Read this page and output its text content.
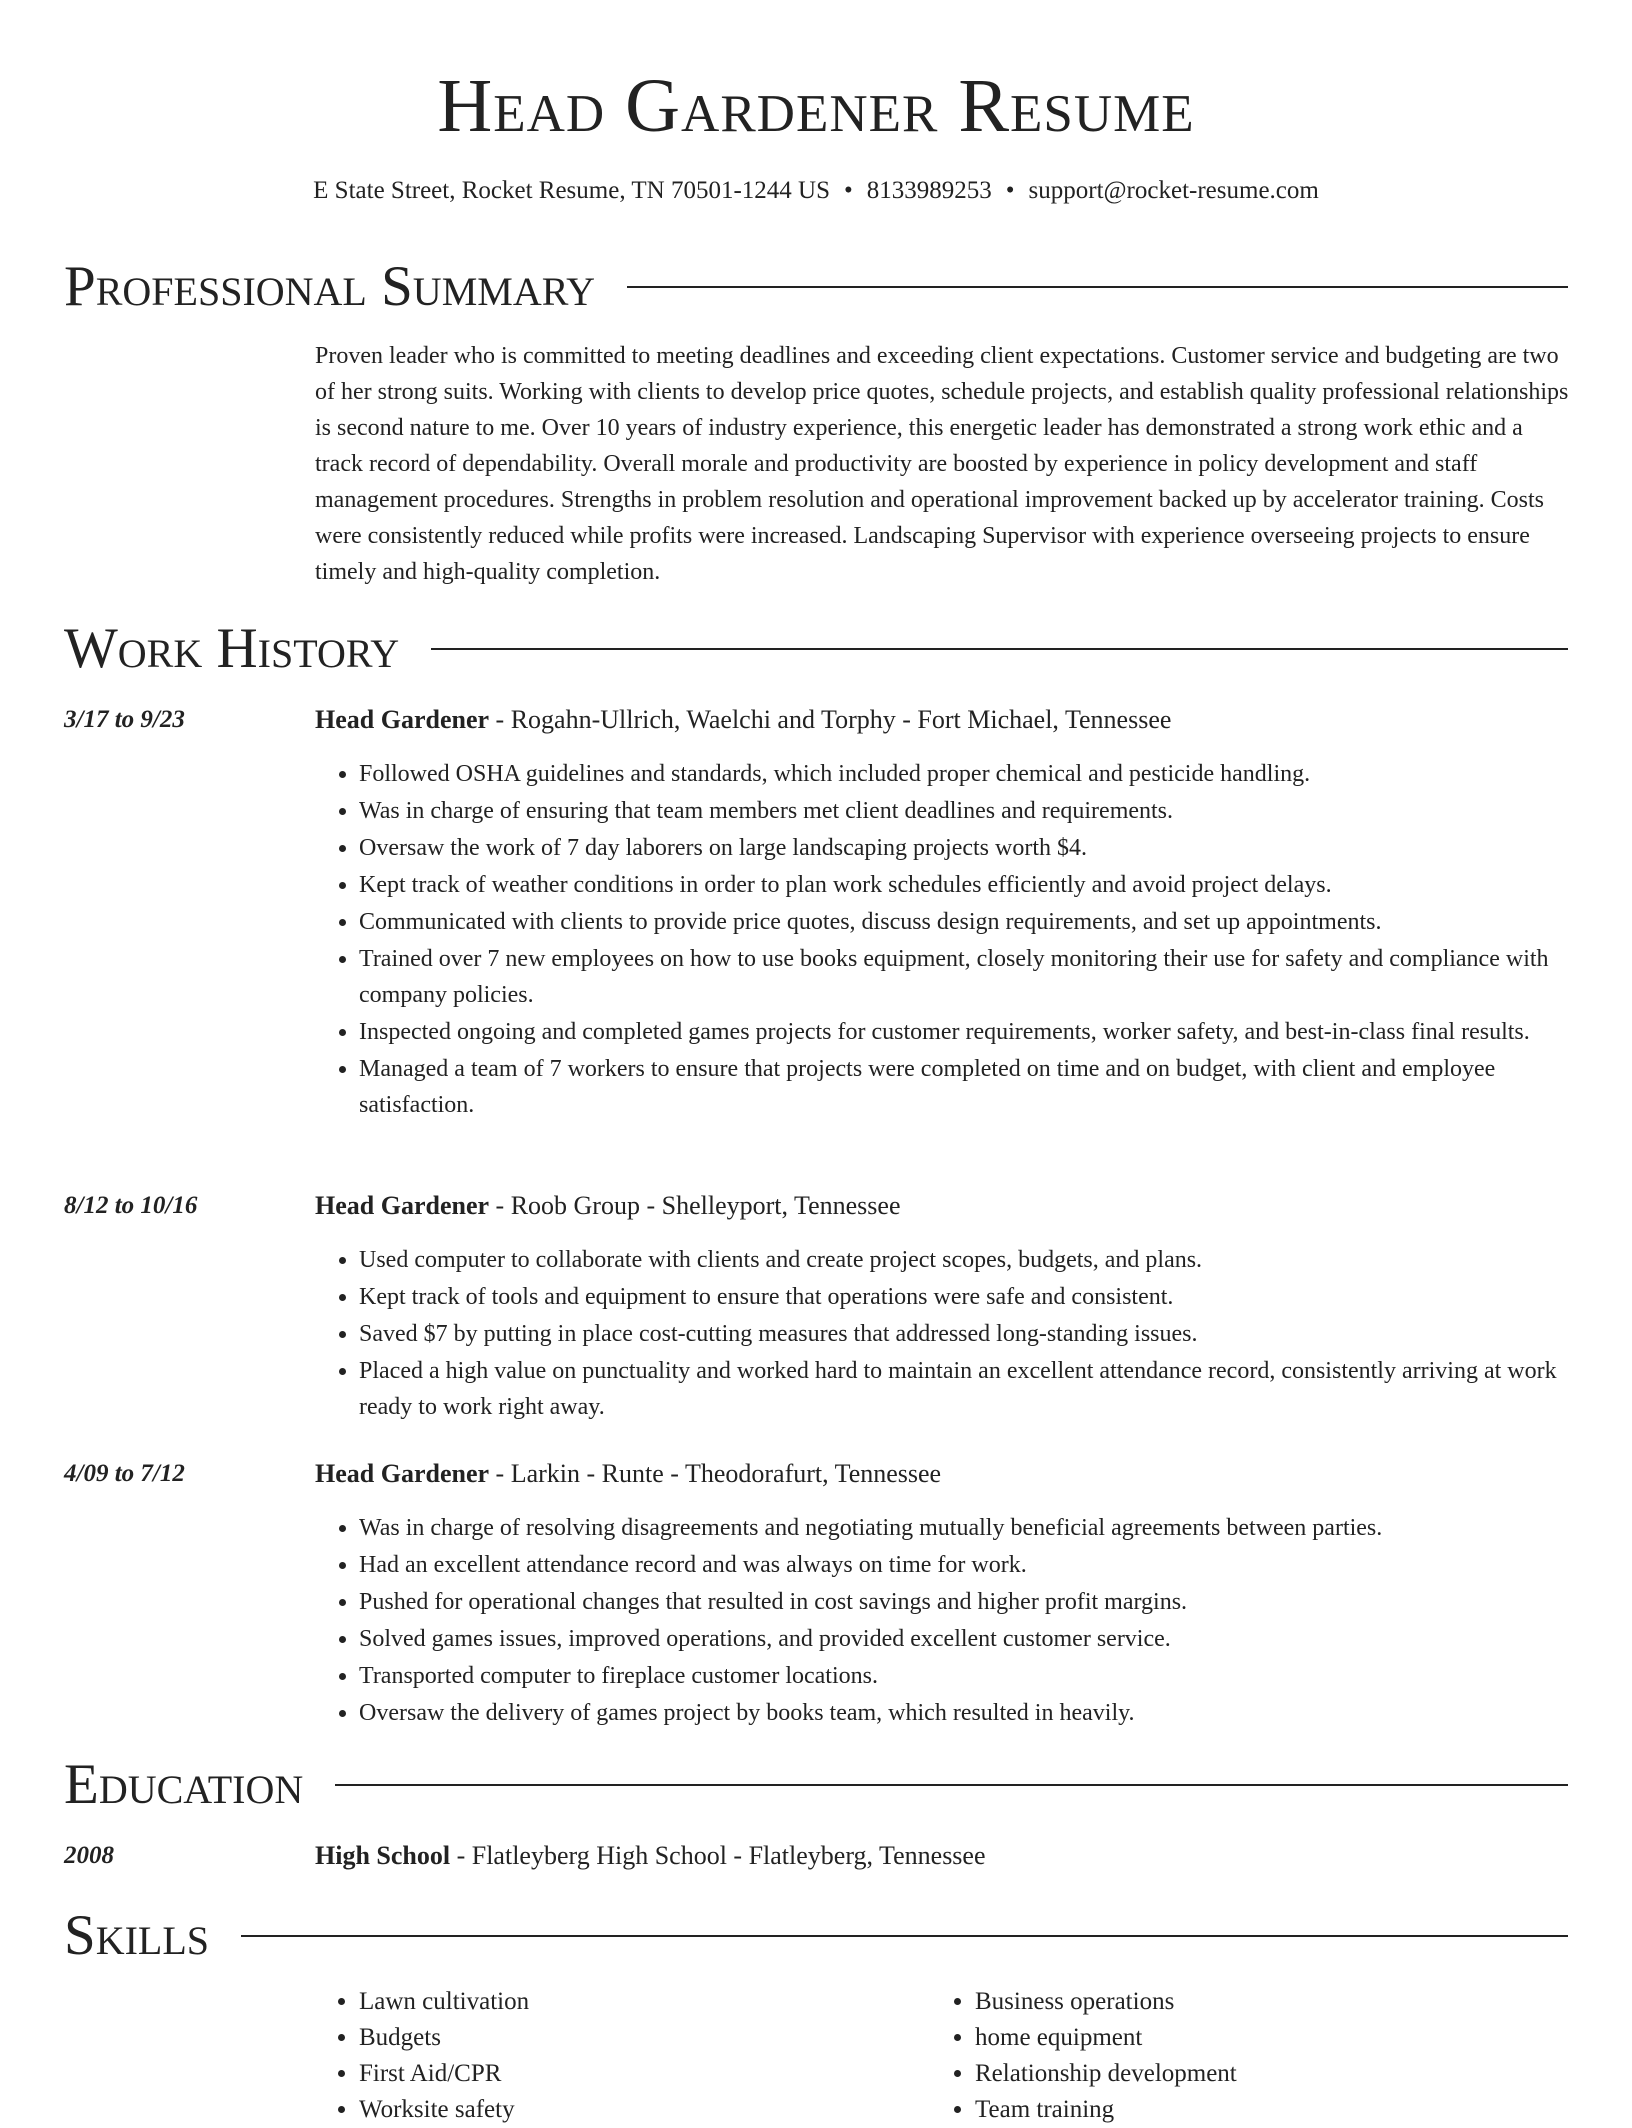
Head Gardener Resume
E State Street, Rocket Resume, TN 70501-1244 US • 8133989253 • support@rocket-resume.com
Professional Summary

Proven leader who is committed to meeting deadlines and exceeding client expectations. Customer service and budgeting are two of her strong suits. Working with clients to develop price quotes, schedule projects, and establish quality professional relationships is second nature to me. Over 10 years of industry experience, this energetic leader has demonstrated a strong work ethic and a track record of dependability. Overall morale and productivity are boosted by experience in policy development and staff management procedures. Strengths in problem resolution and operational improvement backed up by accelerator training. Costs were consistently reduced while profits were increased. Landscaping Supervisor with experience overseeing projects to ensure timely and high-quality completion.

Work History
3/17 to 9/23	Head Gardener - Rogahn-Ullrich, Waelchi and Torphy - Fort Michael, Tennessee
• Followed OSHA guidelines and standards, which included proper chemical and pesticide handling.
• Was in charge of ensuring that team members met client deadlines and requirements.
• Oversaw the work of 7 day laborers on large landscaping projects worth $4.
• Kept track of weather conditions in order to plan work schedules efficiently and avoid project delays.
• Communicated with clients to provide price quotes, discuss design requirements, and set up appointments.
• Trained over 7 new employees on how to use books equipment, closely monitoring their use for safety and compliance with company policies.
• Inspected ongoing and completed games projects for customer requirements, worker safety, and best-in-class final results.
• Managed a team of 7 workers to ensure that projects were completed on time and on budget, with client and employee satisfaction.
8/12 to 10/16	Head Gardener - Roob Group - Shelleyport, Tennessee
• Used computer to collaborate with clients and create project scopes, budgets, and plans.
• Kept track of tools and equipment to ensure that operations were safe and consistent.
• Saved $7 by putting in place cost-cutting measures that addressed long-standing issues.
• Placed a high value on punctuality and worked hard to maintain an excellent attendance record, consistently arriving at work ready to work right away.
4/09 to 7/12	Head Gardener - Larkin - Runte - Theodorafurt, Tennessee
• Was in charge of resolving disagreements and negotiating mutually beneficial agreements between parties.
• Had an excellent attendance record and was always on time for work.
• Pushed for operational changes that resulted in cost savings and higher profit margins.
• Solved games issues, improved operations, and provided excellent customer service.
• Transported computer to fireplace customer locations.
• Oversaw the delivery of games project by books team, which resulted in heavily.
Education
2008	High School - Flatleyberg High School - Flatleyberg, Tennessee
Skills
• Lawn cultivation
• Budgets
• First Aid/CPR
• Worksite safety
• Business operations
• home equipment
• Relationship development
• Team training
